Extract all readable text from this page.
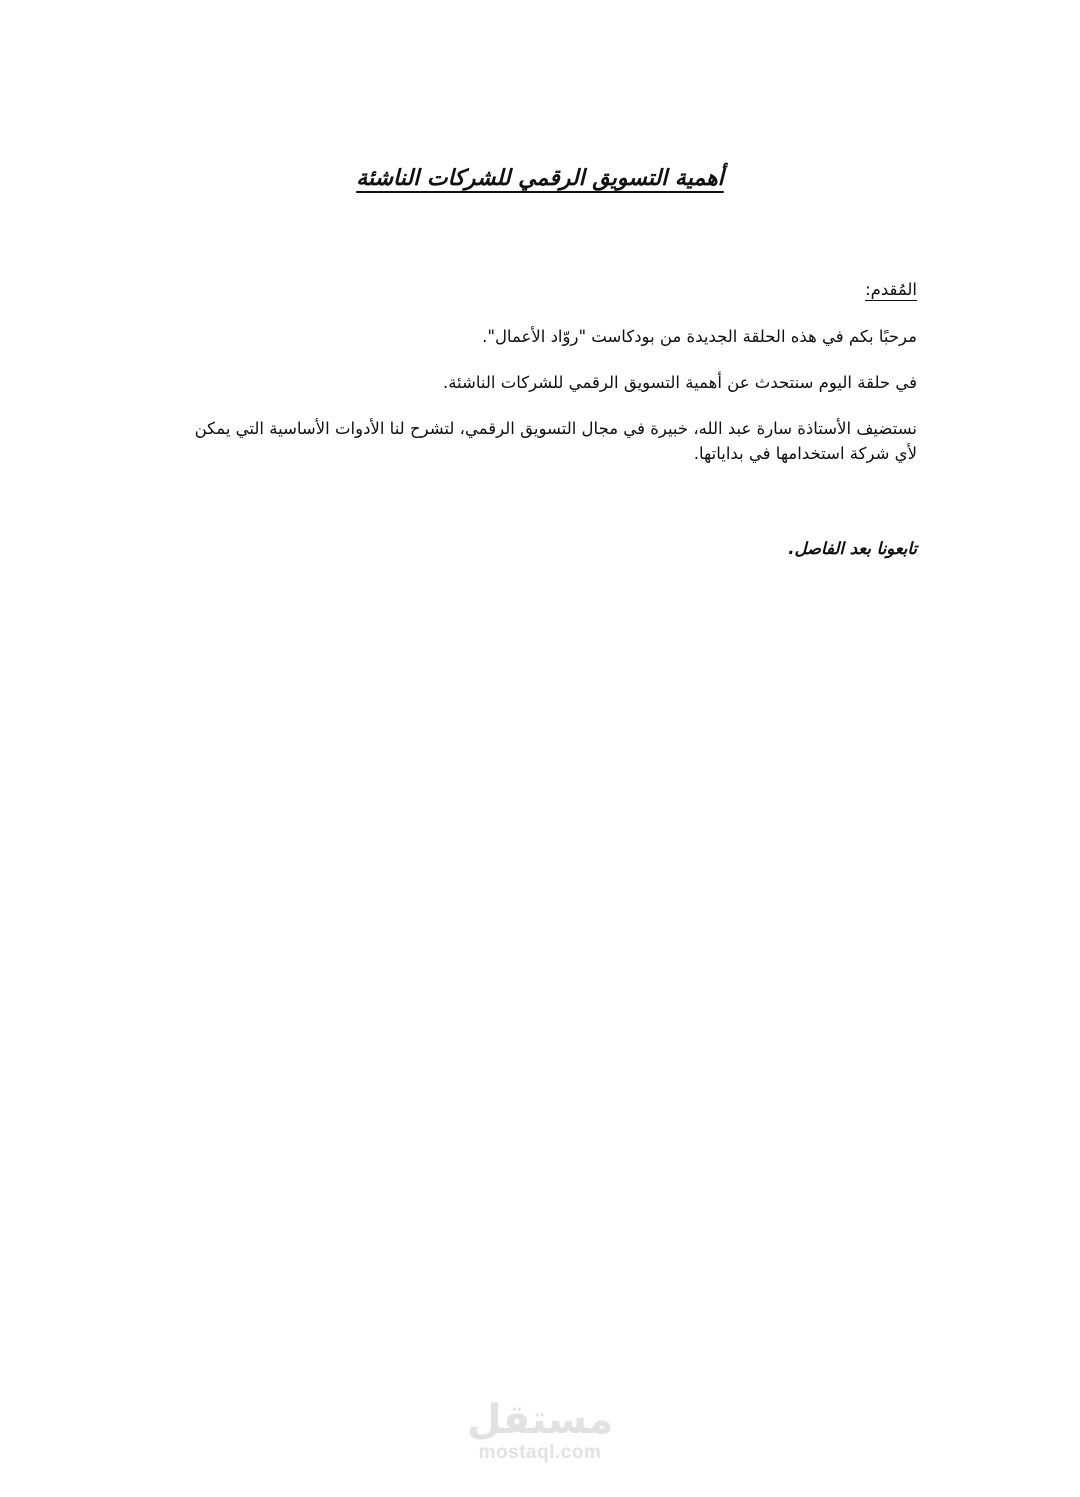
أهمية التسويق الرقمي للشركات الناشئة
المُقدم:
مرحبًا بكم في هذه الحلقة الجديدة من بودكاست "روّاد الأعمال".
في حلقة اليوم سنتحدث عن أهمية التسويق الرقمي للشركات الناشئة.
نستضيف الأستاذة سارة عبد الله، خبيرة في مجال التسويق الرقمي، لتشرح لنا الأدوات الأساسية التي يمكن لأي شركة استخدامها في بداياتها.
تابعونا بعد الفاصل.
مستقل
mostaql.com
